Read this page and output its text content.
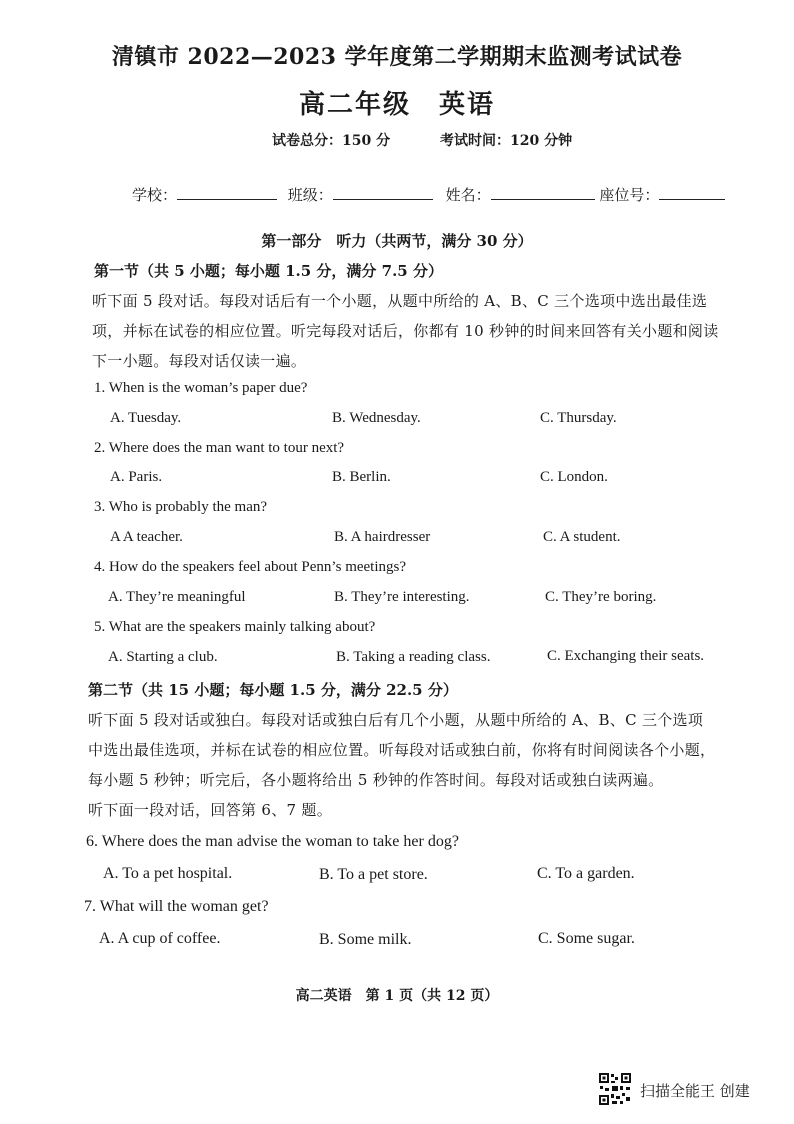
清镇市 2022—2023 学年度第二学期期末监测考试试卷
高二年级　英语
试卷总分：150 分	考试时间：120 分钟
学校：	班级：	姓名：	座位号：
第一部分　听力（共两节，满分 30 分）
第一节（共 5 小题；每小题 1.5 分，满分 7.5 分）
听下面 5 段对话。每段对话后有一个小题，从题中所给的 A、B、C 三个选项中选出最佳选
项，并标在试卷的相应位置。听完每段对话后，你都有 10 秒钟的时间来回答有关小题和阅读
下一小题。每段对话仅读一遍。
1. When is the woman’s paper due?
A. Tuesday.	B. Wednesday.	C. Thursday.
2. Where does the man want to tour next?
A. Paris.	B. Berlin.	C. London.
3. Who is probably the man?
A A teacher.	B. A hairdresser	C. A student.
4. How do the speakers feel about Penn’s meetings?
A. They’re meaningful	B. They’re interesting.	C. They’re boring.
5. What are the speakers mainly talking about?
A. Starting a club.	B. Taking a reading class.	C. Exchanging their seats.
第二节（共 15 小题；每小题 1.5 分，满分 22.5 分）
听下面 5 段对话或独白。每段对话或独白后有几个小题，从题中所给的 A、B、C 三个选项
中选出最佳选项，并标在试卷的相应位置。听每段对话或独白前，你将有时间阅读各个小题，
每小题 5 秒钟；听完后，各小题将给出 5 秒钟的作答时间。每段对话或独白读两遍。
听下面一段对话，回答第 6、7 题。
6. Where does the man advise the woman to take her dog?
A. To a pet hospital.	B. To a pet store.	C. To a garden.
7. What will the woman get?
A. A cup of coffee.	B. Some milk.	C. Some sugar.
高二英语　第 1 页（共 12 页）
扫描全能王 创建
